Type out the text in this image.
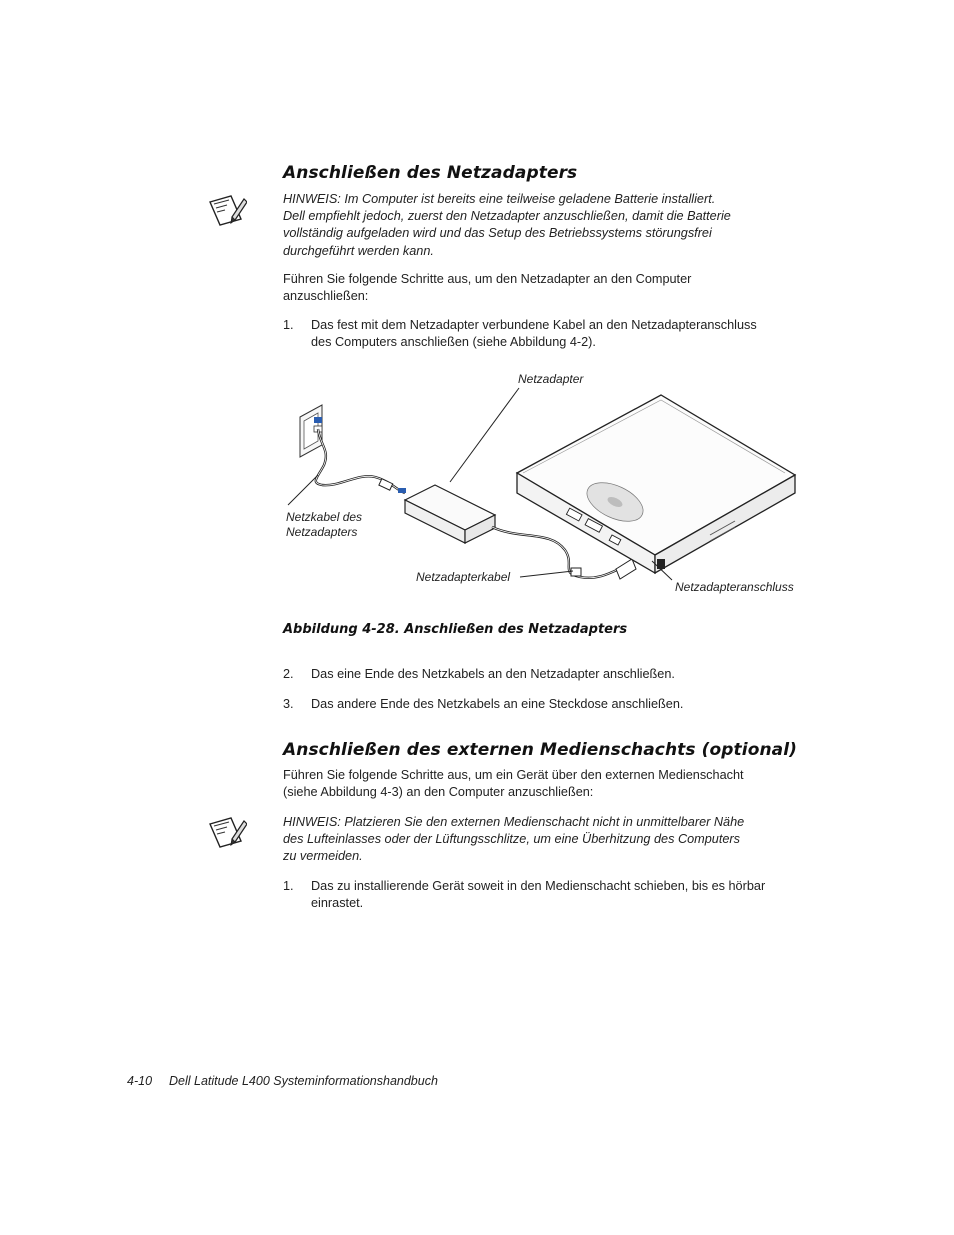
Anschließen des Netzadapters
HINWEIS: Im Computer ist bereits eine teilweise geladene Batterie installiert.
Dell empfiehlt jedoch, zuerst den Netzadapter anzuschließen, damit die Batterie
vollständig aufgeladen wird und das Setup des Betriebssystems störungsfrei
durchgeführt werden kann.
Führen Sie folgende Schritte aus, um den Netzadapter an den Computer
anzuschließen:
1. Das fest mit dem Netzadapter verbundene Kabel an den Netzadapteranschluss
des Computers anschließen (siehe Abbildung 4-2).
Netzadapter
Netzkabel des
Netzadapters
Netzadapterkabel
Netzadapteranschluss
Abbildung 4-28. Anschließen des Netzadapters
2. Das eine Ende des Netzkabels an den Netzadapter anschließen.
3. Das andere Ende des Netzkabels an eine Steckdose anschließen.
Anschließen des externen Medienschachts (optional)
Führen Sie folgende Schritte aus, um ein Gerät über den externen Medienschacht
(siehe Abbildung 4-3) an den Computer anzuschließen:
HINWEIS: Platzieren Sie den externen Medienschacht nicht in unmittelbarer Nähe
des Lufteinlasses oder der Lüftungsschlitze, um eine Überhitzung des Computers
zu vermeiden.
1. Das zu installierende Gerät soweit in den Medienschacht schieben, bis es hörbar
einrastet.
4-10 Dell Latitude L400 Systeminformationshandbuch
